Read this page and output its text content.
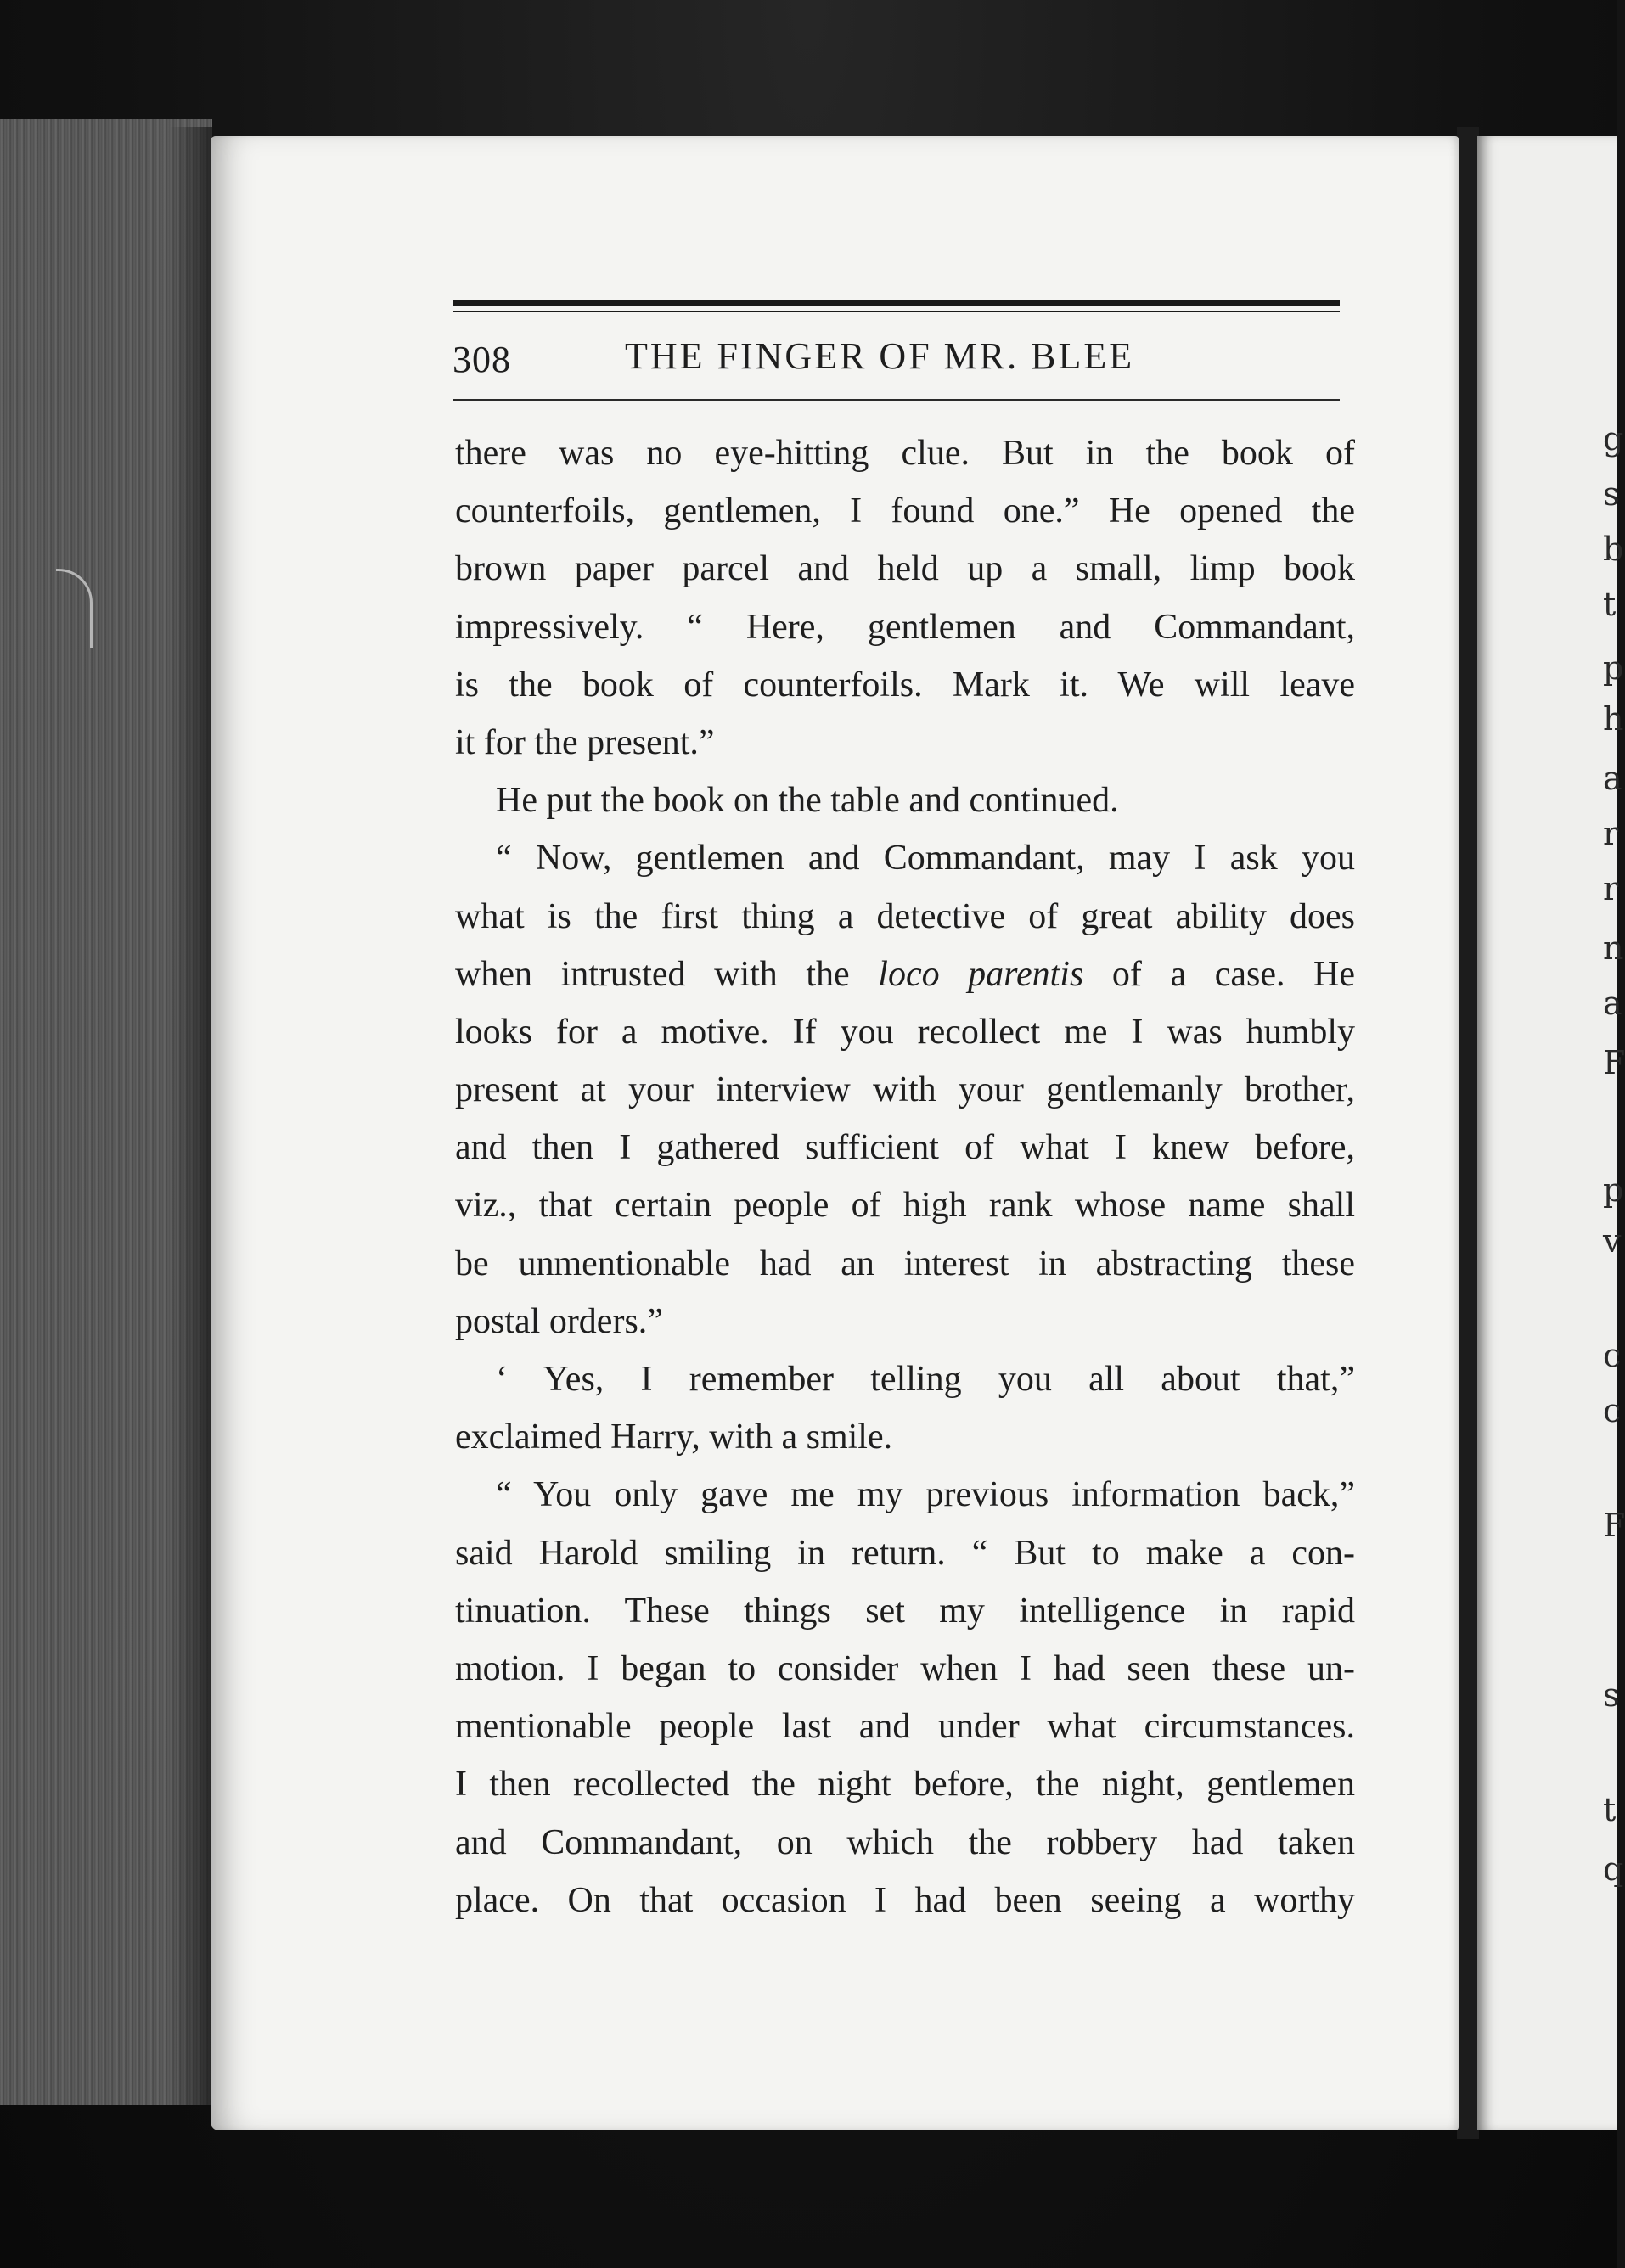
g
s
b
t
p
h
a
r
r
n
a
F
p
v
c
c
F
s
t
q
308	THE FINGER OF MR. BLEE
there was no eye-hitting clue. But in the book of
counterfoils, gentlemen, I found one.” He opened the
brown paper parcel and held up a small, limp book
impressively. “ Here, gentlemen and Commandant,
is the book of counterfoils. Mark it. We will leave
it for the present.”
He put the book on the table and continued.
“ Now, gentlemen and Commandant, may I ask you
what is the first thing a detective of great ability does
when intrusted with the loco parentis of a case. He
looks for a motive. If you recollect me I was humbly
present at your interview with your gentlemanly brother,
and then I gathered sufficient of what I knew before,
viz., that certain people of high rank whose name shall
be unmentionable had an interest in abstracting these
postal orders.”
‘ Yes, I remember telling you all about that,”
exclaimed Harry, with a smile.
“ You only gave me my previous information back,”
said Harold smiling in return. “ But to make a con-
tinuation. These things set my intelligence in rapid
motion. I began to consider when I had seen these un-
mentionable people last and under what circumstances.
I then recollected the night before, the night, gentlemen
and Commandant, on which the robbery had taken
place. On that occasion I had been seeing a worthy
